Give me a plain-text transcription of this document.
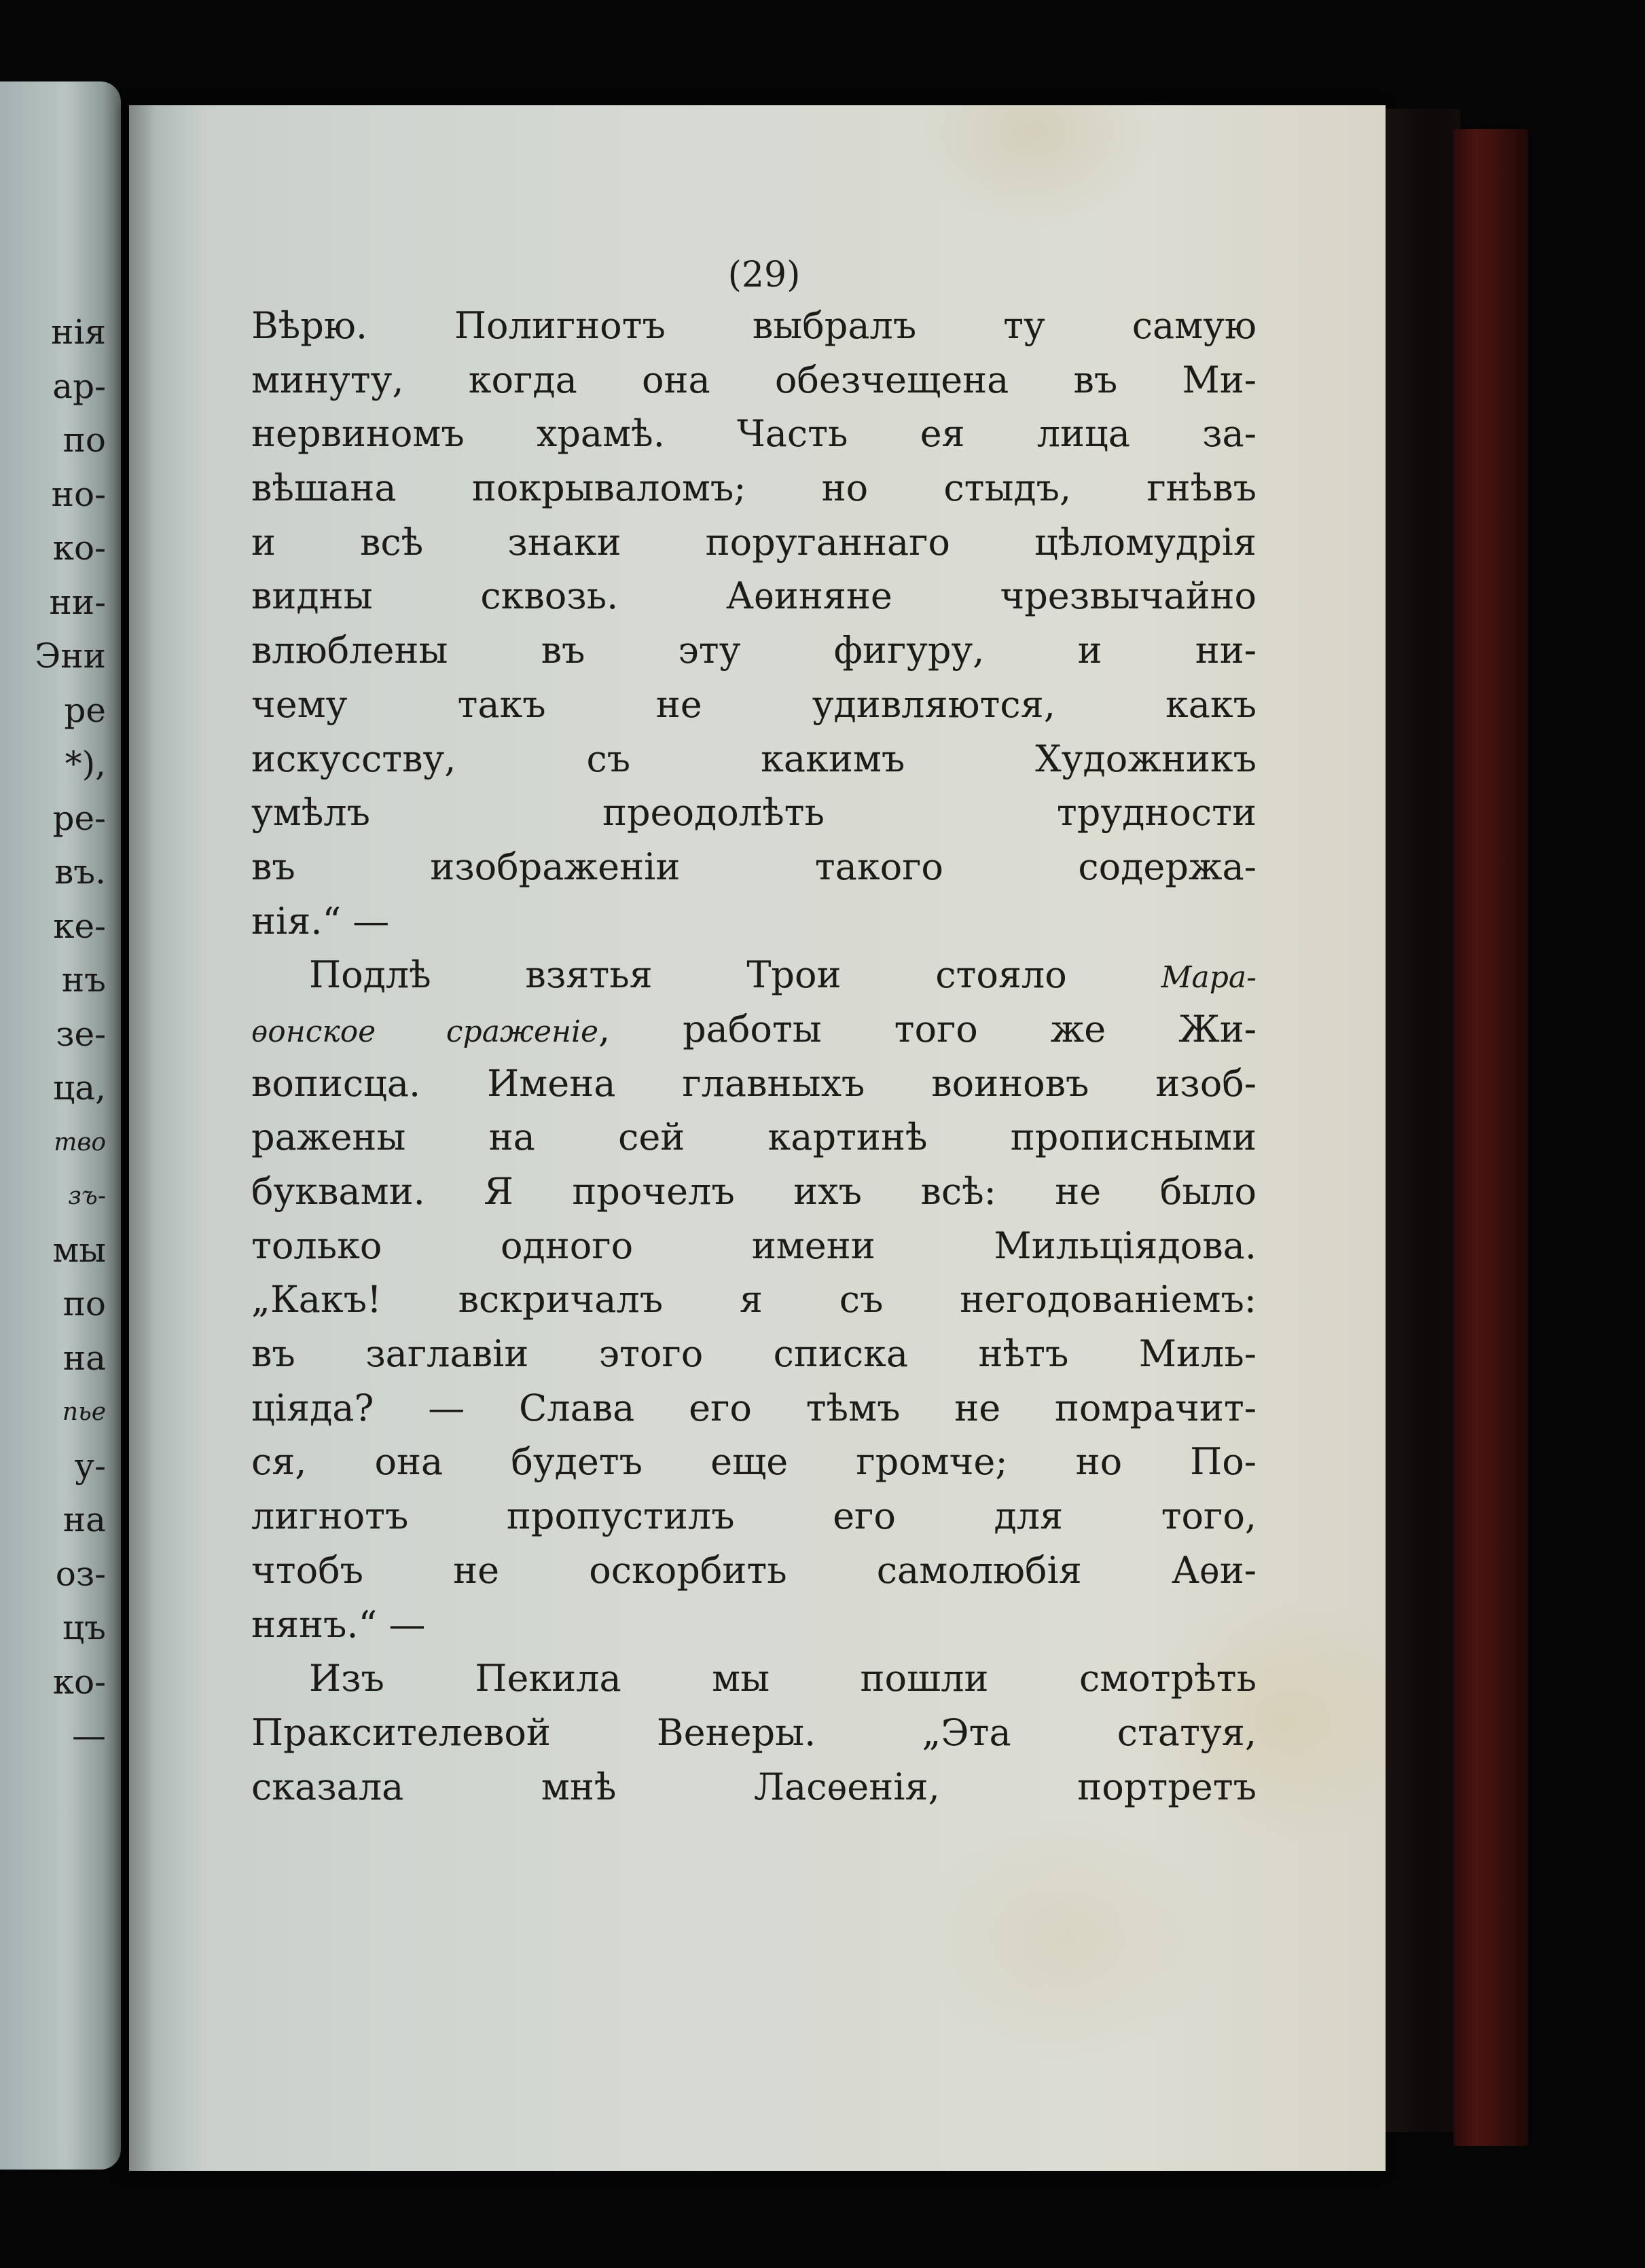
нія
ар-
по
но-
ко-
ни-
Эни
ре
*),
ре-
въ.
ке-
нъ
зе-
ца,
тво
зъ-
мы
по
на
пье
у-
на
оз-
цъ
ко-
—

(29)

Вѣрю. Полигнотъ выбралъ ту самую
минуту, когда она обезчещена въ Ми-
нервиномъ храмѣ. Часть ея лица за-
вѣшана покрываломъ; но стыдъ, гнѣвъ
и всѣ знаки поруганнаго цѣломудрія
видны сквозь. Аѳиняне чрезвычайно
влюблены въ эту фигуру, и ни-
чему такъ не удивляются, какъ
искусству, съ какимъ Художникъ
умѣлъ преодолѣть трудности
въ изображеніи такого содержа-
нія.“ —
Подлѣ взятья Трои стояло Мара-
ѳонское сраженіе, работы того же Жи-
вописца. Имена главныхъ воиновъ изоб-
ражены на сей картинѣ прописными
буквами. Я прочелъ ихъ всѣ: не было
только одного имени Мильціядова.
„Какъ! вскричалъ я съ негодованіемъ:
въ заглавіи этого списка нѣтъ Миль-
ціяда? — Слава его тѣмъ не помрачит-
ся, она будетъ еще громче; но По-
лигнотъ пропустилъ его для того,
чтобъ не оскорбить самолюбія Аѳи-
нянъ.“ —
Изъ Пекила мы пошли смотрѣть
Праксителевой Венеры. „Эта статуя,
сказала мнѣ Ласѳенія, портретъ
